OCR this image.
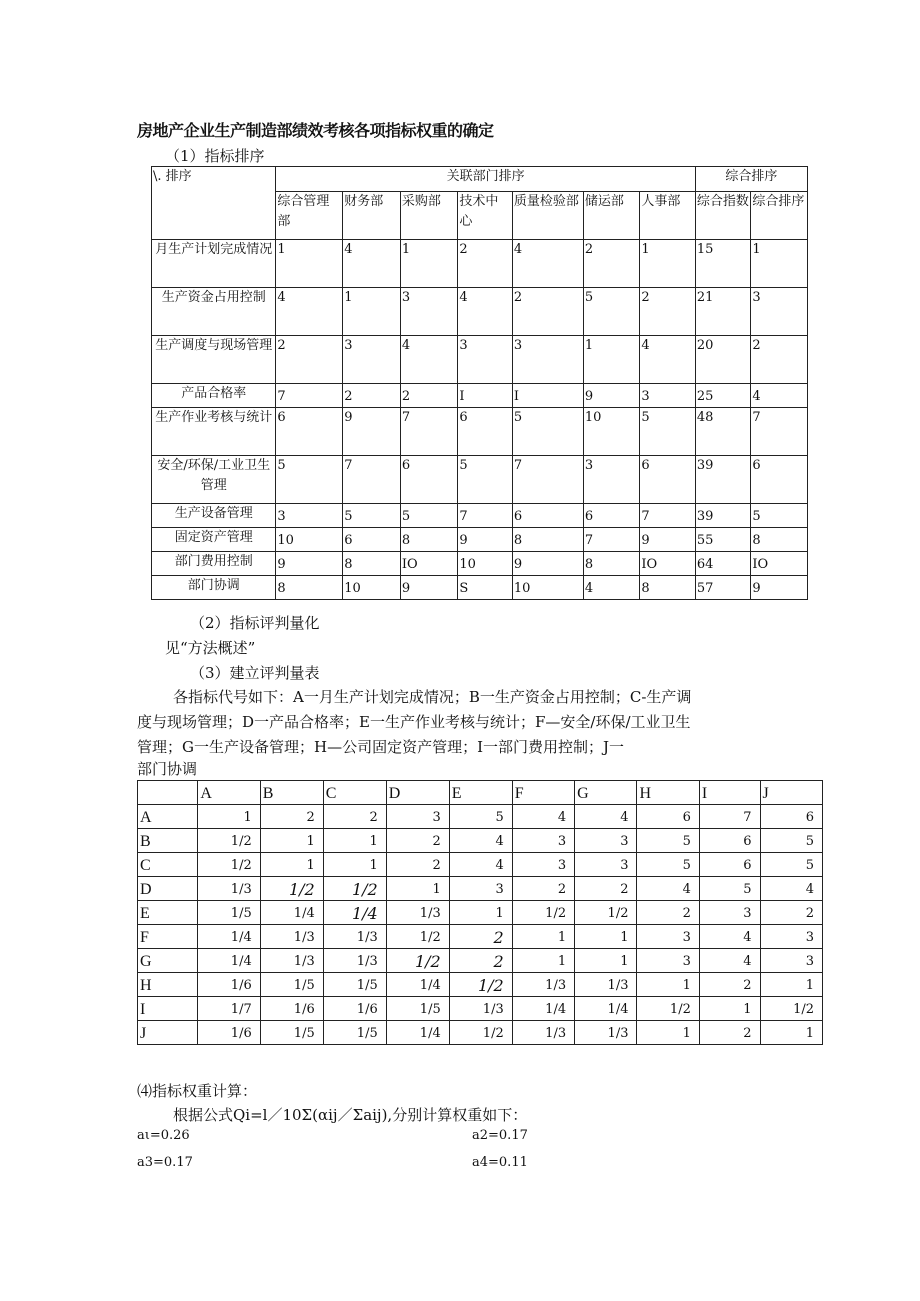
房地产企业生产制造部绩效考核各项指标权重的确定
（1）指标排序
\. 排序	关联部门排序							综合排序	
	综合管理部	财务部	采购部	技术中心	质量检验部	储运部	人事部	综合指数	综合排序
月生产计划完成情况	1	4	1	2	4	2	1	15	1
生产资金占用控制	4	1	3	4	2	5	2	21	3
生产调度与现场管理	2	3	4	3	3	1	4	20	2
产品合格率	7	2	2	I	I	9	3	25	4
生产作业考核与统计	6	9	7	6	5	10	5	48	7
安全/环保/工业卫生管理	5	7	6	5	7	3	6	39	6
生产设备管理	3	5	5	7	6	6	7	39	5
固定资产管理	10	6	8	9	8	7	9	55	8
部门费用控制	9	8	IO	10	9	8	IO	64	IO
部门协调	8	10	9	S	10	4	8	57	9
（2）指标评判量化
见“方法概述”
（3）建立评判量表
各指标代号如下：A一月生产计划完成情况；B一生产资金占用控制；C-生产调
度与现场管理；D一产品合格率；E一生产作业考核与统计；F—安全/环保/工业卫生
管理；G一生产设备管理；H—公司固定资产管理；I一部门费用控制；J一
部门协调
	A	B	C	D	E	F	G	H	I	J
A	1	2	2	3	5	4	4	6	7	6
B	1/2	1	1	2	4	3	3	5	6	5
C	1/2	1	1	2	4	3	3	5	6	5
D	1/3	1/2	1/2	1	3	2	2	4	5	4
E	1/5	1/4	1/4	1/3	1	1/2	1/2	2	3	2
F	1/4	1/3	1/3	1/2	2	1	1	3	4	3
G	1/4	1/3	1/3	1/2	2	1	1	3	4	3
H	1/6	1/5	1/5	1/4	1/2	1/3	1/3	1	2	1
I	1/7	1/6	1/6	1/5	1/3	1/4	1/4	1/2	1	1/2
J	1/6	1/5	1/5	1/4	1/2	1/3	1/3	1	2	1
⑷指标权重计算：
根据公式Qi=l／10Σ(αij／Σaij),分别计算权重如下：
aι=0.26	a2=0.17
a3=0.17	a4=0.11
